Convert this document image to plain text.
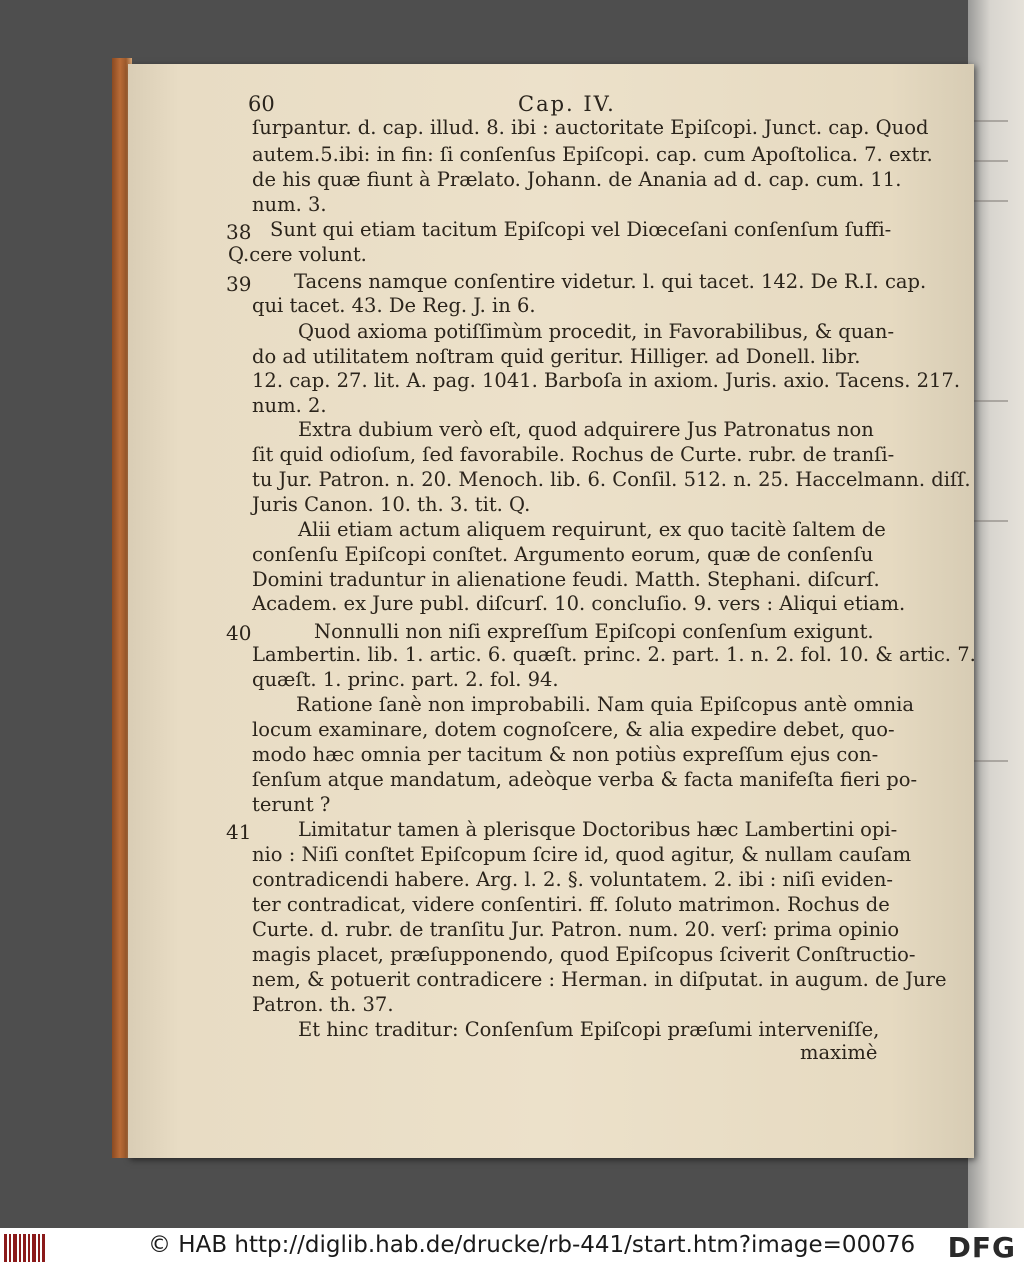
60	Cap. IV.
ſurpantur. d. cap. illud. 8. ibi : auctoritate Epiſcopi. Junct. cap. Quod
autem.5.ibi: in fin: ſi conſenſus Epiſcopi. cap. cum Apoſtolica. 7. extr.
de his quæ fiunt à Prælato. Johann. de Anania ad d. cap. cum. 11.
num. 3.
Sunt qui etiam tacitum Epiſcopi vel Diœceſani conſenſum ſuffi-
Q.cere volunt.
Tacens namque conſentire videtur. l. qui tacet. 142. De R.I. cap.
qui tacet. 43. De Reg. J. in 6.
Quod axioma potiſſimùm procedit, in Favorabilibus, & quan-
do ad utilitatem noſtram quid geritur. Hilliger. ad Donell. libr.
12. cap. 27. lit. A. pag. 1041. Barboſa in axiom. Juris. axio. Tacens. 217.
num. 2.
Extra dubium verò eſt, quod adquirere Jus Patronatus non
ſit quid odioſum, ſed favorabile. Rochus de Curte. rubr. de tranſi-
tu Jur. Patron. n. 20. Menoch. lib. 6. Conſil. 512. n. 25. Haccelmann. diſſ.
Juris Canon. 10. th. 3. tit. Q.
Alii etiam actum aliquem requirunt, ex quo tacitè ſaltem de
conſenſu Epiſcopi conſtet. Argumento eorum, quæ de conſenſu
Domini traduntur in alienatione feudi. Matth. Stephani. diſcurſ.
Academ. ex Jure publ. diſcurſ. 10. concluſio. 9. vers : Aliqui etiam.
Nonnulli non niſi expreſſum Epiſcopi conſenſum exigunt.
Lambertin. lib. 1. artic. 6. quæſt. princ. 2. part. 1. n. 2. fol. 10. & artic. 7.
quæſt. 1. princ. part. 2. fol. 94.
Ratione ſanè non improbabili. Nam quia Epiſcopus antè omnia
locum examinare, dotem cognoſcere, & alia expedire debet, quo-
modo hæc omnia per tacitum & non potiùs expreſſum ejus con-
ſenſum atque mandatum, adeòque verba & facta manifeſta fieri po-
terunt ?
Limitatur tamen à plerisque Doctoribus hæc Lambertini opi-
nio : Niſi conſtet Epiſcopum ſcire id, quod agitur, & nullam cauſam
contradicendi habere. Arg. l. 2. §. voluntatem. 2. ibi : niſi eviden-
ter contradicat, videre conſentiri. ff. ſoluto matrimon. Rochus de
Curte. d. rubr. de tranſitu Jur. Patron. num. 20. verſ: prima opinio
magis placet, præſupponendo, quod Epiſcopus ſciverit Conſtructio-
nem, & potuerit contradicere : Herman. in diſputat. in augum. de Jure
Patron. th. 37.
Et hinc traditur: Conſenſum Epiſcopi præſumi interveniſſe,
38
39
40
41
maximè
© HAB http://diglib.hab.de/drucke/rb-441/start.htm?image=00076 DFG
